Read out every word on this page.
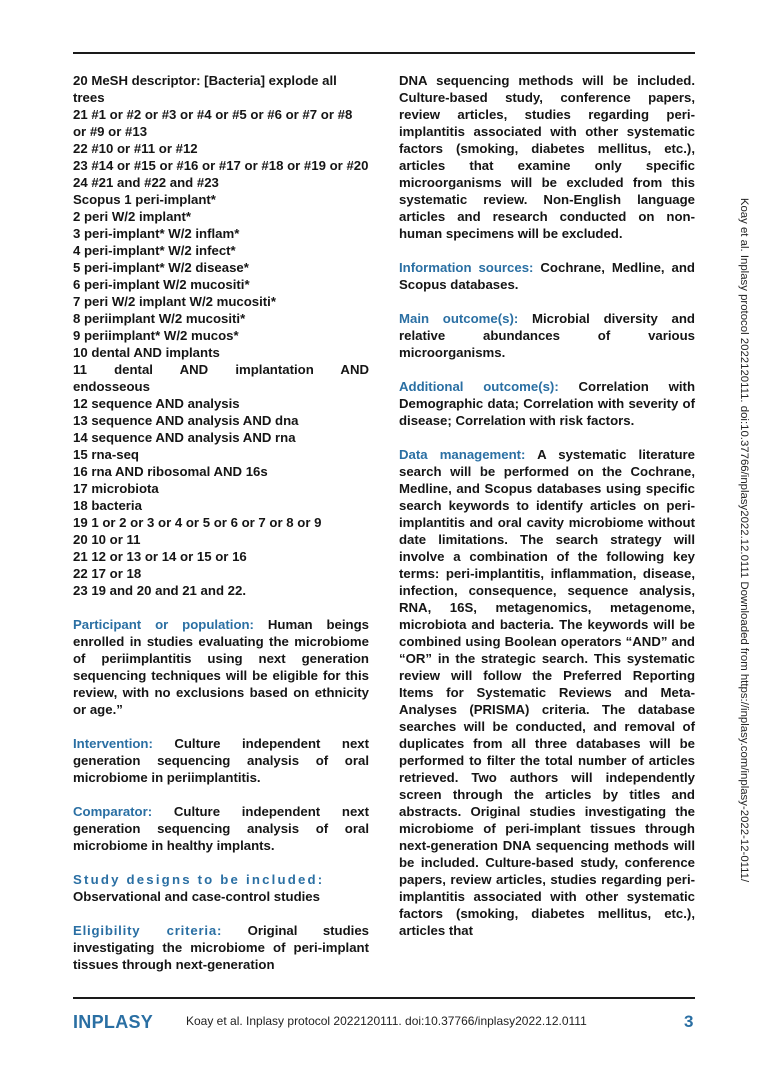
20 MeSH descriptor: [Bacteria] explode all trees
21 #1 or #2 or #3 or #4 or #5 or #6 or #7 or #8 or #9 or #13
22 #10 or #11 or #12
23 #14 or #15 or #16 or #17 or #18 or #19 or #20
24 #21 and #22 and #23
Scopus 1 peri-implant*
2 peri W/2 implant*
3 peri-implant* W/2 inflam*
4 peri-implant* W/2 infect*
5 peri-implant* W/2 disease*
6 peri-implant W/2 mucositi*
7 peri W/2 implant W/2 mucositi*
8 periimplant W/2 mucositi*
9 periimplant* W/2 mucos*
10 dental AND implants
11 dental AND implantation AND endosseous
12 sequence AND analysis
13 sequence AND analysis AND dna
14 sequence AND analysis AND rna
15 rna-seq
16 rna AND ribosomal AND 16s
17 microbiota
18 bacteria
19 1 or 2 or 3 or 4 or 5 or 6 or 7 or 8 or 9
20 10 or 11
21 12 or 13 or 14 or 15 or 16
22 17 or 18
23 19 and 20 and 21 and 22.

Participant or population: Human beings enrolled in studies evaluating the microbiome of periimplantitis using next generation sequencing techniques will be eligible for this review, with no exclusions based on ethnicity or age.”

Intervention: Culture independent next generation sequencing analysis of oral microbiome in periimplantitis.

Comparator: Culture independent next generation sequencing analysis of oral microbiome in healthy implants.

Study designs to be included:
Observational and case-control studies

Eligibility criteria: Original studies investigating the microbiome of peri-implant tissues through next-generation

DNA sequencing methods will be included. Culture-based study, conference papers, review articles, studies regarding peri-implantitis associated with other systematic factors (smoking, diabetes mellitus, etc.), articles that examine only specific microorganisms will be excluded from this systematic review. Non-English language articles and research conducted on non-human specimens will be excluded.

Information sources: Cochrane, Medline, and Scopus databases.

Main outcome(s): Microbial diversity and relative abundances of various microorganisms.

Additional outcome(s): Correlation with Demographic data; Correlation with severity of disease; Correlation with risk factors.

Data management: A systematic literature search will be performed on the Cochrane, Medline, and Scopus databases using specific search keywords to identify articles on peri-implantitis and oral cavity microbiome without date limitations. The search strategy will involve a combination of the following key terms: peri-implantitis, inflammation, disease, infection, consequence, sequence analysis, RNA, 16S, metagenomics, metagenome, microbiota and bacteria. The keywords will be combined using Boolean operators “AND” and “OR” in the strategic search. This systematic review will follow the Preferred Reporting Items for Systematic Reviews and Meta-Analyses (PRISMA) criteria. The database searches will be conducted, and removal of duplicates from all three databases will be performed to filter the total number of articles retrieved. Two authors will independently screen through the articles by titles and abstracts. Original studies investigating the microbiome of peri-implant tissues through next-generation DNA sequencing methods will be included. Culture-based study, conference papers, review articles, studies regarding peri-implantitis associated with other systematic factors (smoking, diabetes mellitus, etc.), articles that

Koay et al. Inplasy protocol 2022120111. doi:10.37766/inplasy2022.12.0111 Downloaded from https://inplasy.com/inplasy-2022-12-0111/
INPLASY	Koay et al. Inplasy protocol 2022120111. doi:10.37766/inplasy2022.12.0111	3
